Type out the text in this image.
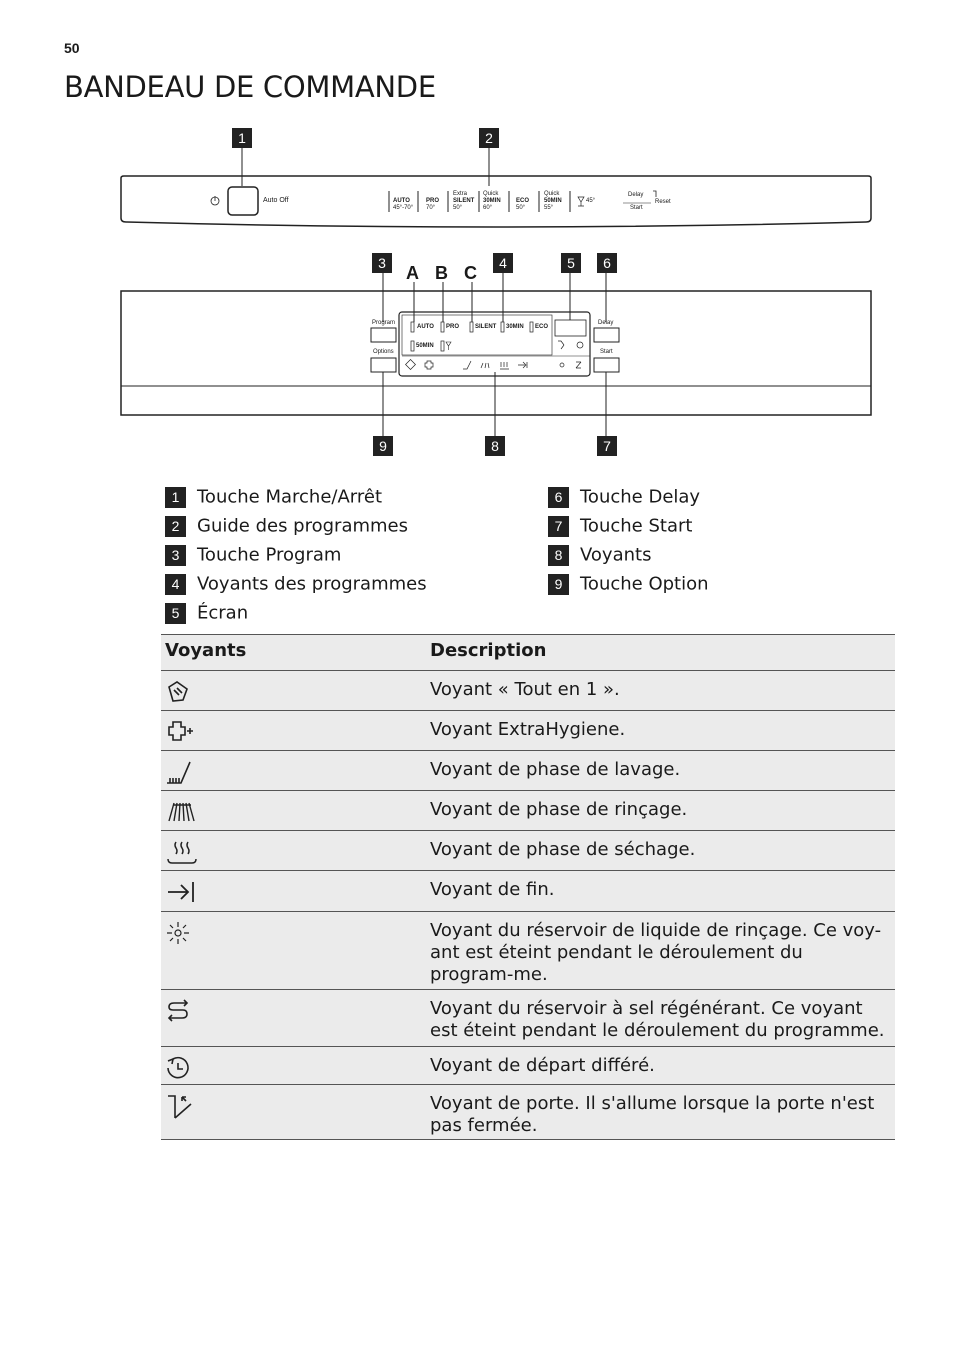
50
BANDEAU DE COMMANDE
1	2
3	4	5	6
9	8	7
A B C
Auto Off
	AUTO
45°-70°

PRO
70°
Extra
SILENT
50°
Quick
30MIN
60°

ECO
50°
Quick
50MIN
55°
45°
Delay
Start
Reset
Program
Options
Delay
Start
AUTO PRO	SILENT 30MIN ECO
50MIN
1 Touche Marche/Arrêt
2 Guide des programmes
3 Touche Program
4 Voyants des programmes
5 Écran
6 Touche Delay
7 Touche Start
8 Voyants
9 Touche Option
Voyants	Description
Voyant « Tout en 1 ».
Voyant ExtraHygiene.
Voyant de phase de lavage.
Voyant de phase de rinçage.
Voyant de phase de séchage.
Voyant de fin.
Voyant du réservoir de liquide de rinçage. Ce voy-ant est éteint pendant le déroulement du program-me.
Voyant du réservoir à sel régénérant. Ce voyant est éteint pendant le déroulement du programme.
Voyant de départ différé.
Voyant de porte. Il s'allume lorsque la porte n'est pas fermée.
